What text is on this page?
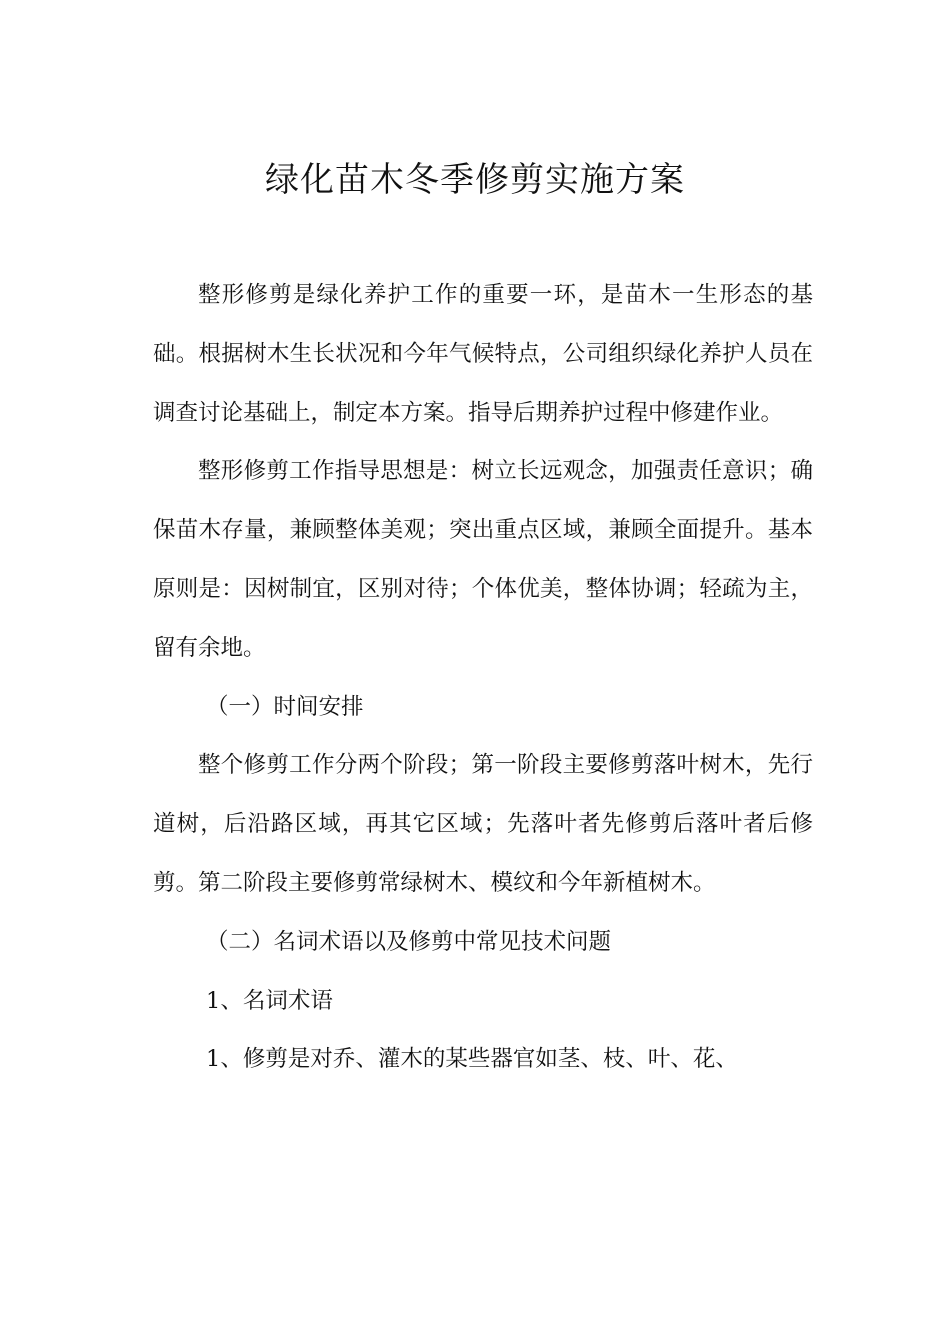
绿化苗木冬季修剪实施方案

整形修剪是绿化养护工作的重要一环，是苗木一生形态的基础。根据树木生长状况和今年气候特点，公司组织绿化养护人员在调查讨论基础上，制定本方案。指导后期养护过程中修建作业。

整形修剪工作指导思想是：树立长远观念，加强责任意识；确保苗木存量，兼顾整体美观；突出重点区域，兼顾全面提升。基本原则是：因树制宜，区别对待；个体优美，整体协调；轻疏为主，留有余地。

（一）时间安排

整个修剪工作分两个阶段；第一阶段主要修剪落叶树木，先行道树，后沿路区域，再其它区域；先落叶者先修剪后落叶者后修剪。第二阶段主要修剪常绿树木、模纹和今年新植树木。

（二）名词术语以及修剪中常见技术问题

1、名词术语

1、修剪是对乔、灌木的某些器官如茎、枝、叶、花、
